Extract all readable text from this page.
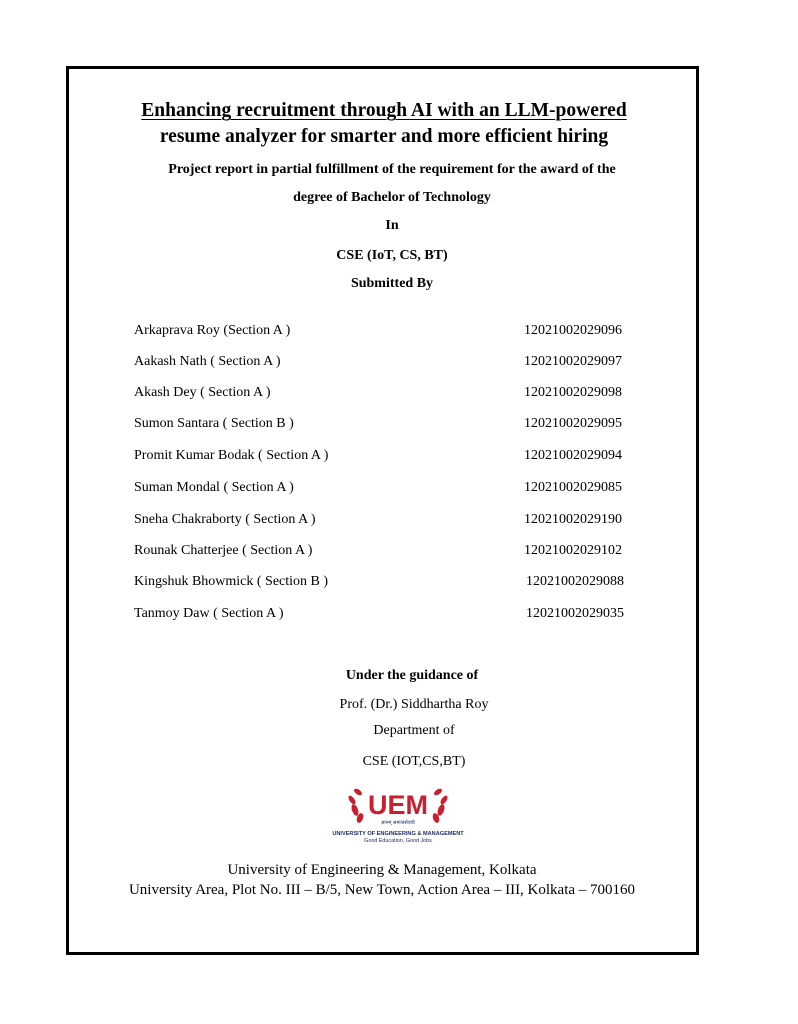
Enhancing recruitment through AI with an LLM-powered
resume analyzer for smarter and more efficient hiring
Project report in partial fulfillment of the requirement for the award of the
degree of Bachelor of Technology
In
CSE (IoT, CS, BT)
Submitted By
Arkaprava Roy (Section A )	12021002029096
Aakash Nath ( Section A )	12021002029097
Akash Dey ( Section A )	12021002029098
Sumon Santara ( Section B )	12021002029095
Promit Kumar Bodak ( Section A )	12021002029094
Suman Mondal ( Section A )	12021002029085
Sneha Chakraborty ( Section A )	12021002029190
Rounak Chatterjee ( Section A )	12021002029102
Kingshuk Bhowmick ( Section B )	12021002029088
Tanmoy Daw ( Section A )	12021002029035
Under the guidance of
Prof. (Dr.) Siddhartha Roy
Department of
CSE (IOT,CS,BT)
UEM
ज्ञानम् समाजसेवायै
UNIVERSITY OF ENGINEERING & MANAGEMENT
Good Education, Good Jobs
University of Engineering & Management, Kolkata
University Area, Plot No. III – B/5, New Town, Action Area – III, Kolkata – 700160
